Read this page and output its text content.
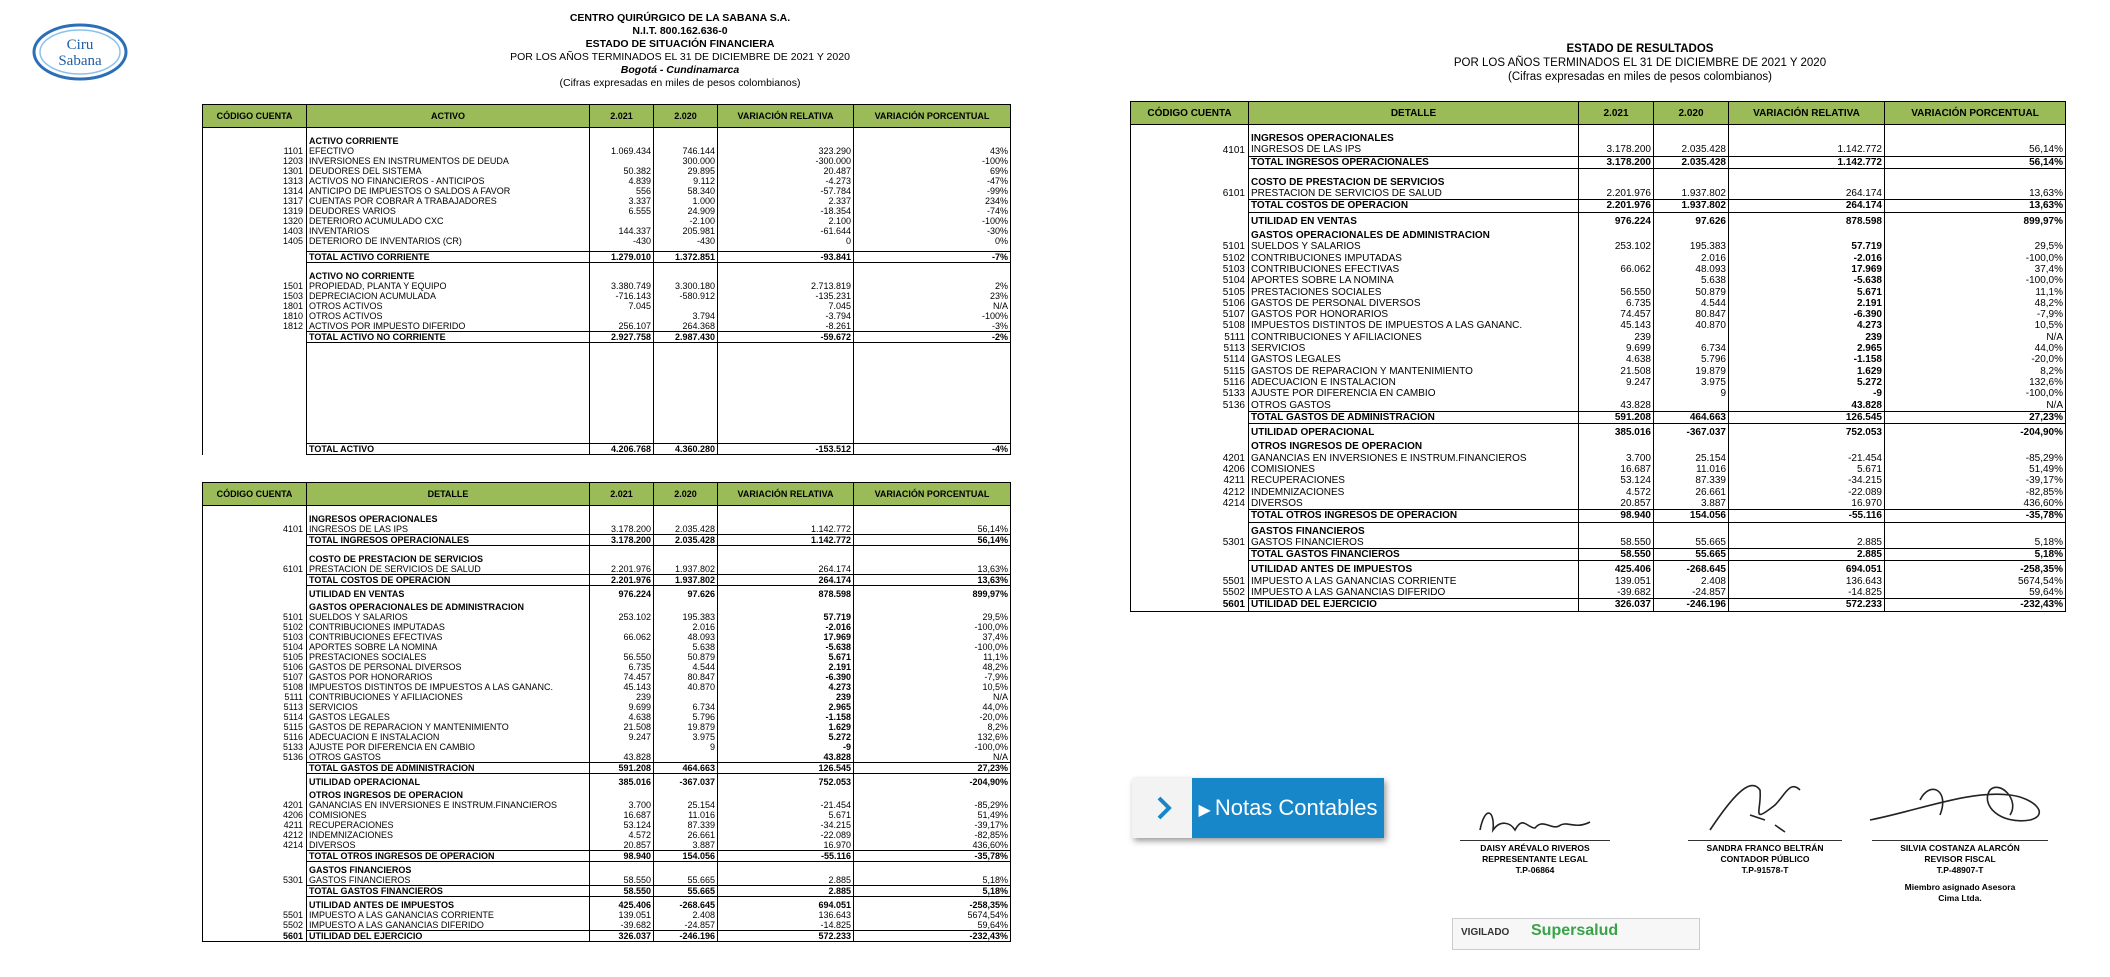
Ciru
Sabana
CENTRO QUIRÚRGICO DE LA SABANA S.A.
N.I.T. 800.162.636-0
ESTADO DE SITUACIÓN FINANCIERA
POR LOS AÑOS TERMINADOS EL 31 DE DICIEMBRE DE 2021 Y 2020
Bogotá - Cundinamarca
(Cifras expresadas en miles de pesos colombianos)
CÓDIGO CUENTA	ACTIVO	2.021	2.020	VARIACIÓN RELATIVA	VARIACIÓN PORCENTUAL

	ACTIVO CORRIENTE				
1101	EFECTIVO	1.069.434	746.144	323.290	43%
1203	INVERSIONES EN INSTRUMENTOS DE DEUDA		300.000	-300.000	-100%
1301	DEUDORES DEL SISTEMA	50.382	29.895	20.487	69%
1313	ACTIVOS NO FINANCIEROS - ANTICIPOS	4.839	9.112	-4.273	-47%
1314	ANTICIPO DE IMPUESTOS O SALDOS A FAVOR	556	58.340	-57.784	-99%
1317	CUENTAS POR COBRAR A TRABAJADORES	3.337	1.000	2.337	234%
1319	DEUDORES VARIOS	6.555	24.909	-18.354	-74%
1320	DETERIORO ACUMULADO CXC		-2.100	2.100	-100%
1403	INVENTARIOS	144.337	205.981	-61.644	-30%
1405	DETERIORO DE INVENTARIOS (CR)	-430	-430	0	0%

	TOTAL ACTIVO CORRIENTE	1.279.010	1.372.851	-93.841	-7%

	ACTIVO NO CORRIENTE				
1501	PROPIEDAD, PLANTA Y EQUIPO	3.380.749	3.300.180	2.713.819	2%
1503	DEPRECIACION ACUMULADA	-716.143	-580.912	-135.231	23%
1801	OTROS ACTIVOS	7.045		7.045	N/A
1810	OTROS ACTIVOS		3.794	-3.794	-100%
1812	ACTIVOS POR IMPUESTO DIFERIDO	256.107	264.368	-8.261	-3%
	TOTAL ACTIVO NO CORRIENTE	2.927.758	2.987.430	-59.672	-2%

	TOTAL ACTIVO	4.206.768	4.360.280	-153.512	-4%
CÓDIGO CUENTA	DETALLE	2.021	2.020	VARIACIÓN RELATIVA	VARIACIÓN PORCENTUAL

	INGRESOS OPERACIONALES				
4101	INGRESOS DE LAS IPS	3.178.200	2.035.428	1.142.772	56,14%
	TOTAL INGRESOS OPERACIONALES	3.178.200	2.035.428	1.142.772	56,14%

	COSTO DE PRESTACION DE SERVICIOS				
6101	PRESTACION DE SERVICIOS DE SALUD	2.201.976	1.937.802	264.174	13,63%
	TOTAL COSTOS DE OPERACION	2.201.976	1.937.802	264.174	13,63%
	UTILIDAD EN VENTAS	976.224	97.626	878.598	899,97%
	GASTOS OPERACIONALES DE ADMINISTRACION				
5101	SUELDOS Y SALARIOS	253.102	195.383	57.719	29,5%
5102	CONTRIBUCIONES IMPUTADAS		2.016	-2.016	-100,0%
5103	CONTRIBUCIONES EFECTIVAS	66.062	48.093	17.969	37,4%
5104	APORTES SOBRE LA NOMINA		5.638	-5.638	-100,0%
5105	PRESTACIONES SOCIALES	56.550	50.879	5.671	11,1%
5106	GASTOS DE PERSONAL DIVERSOS	6.735	4.544	2.191	48,2%
5107	GASTOS POR HONORARIOS	74.457	80.847	-6.390	-7,9%
5108	IMPUESTOS DISTINTOS DE IMPUESTOS A LAS GANANC.	45.143	40.870	4.273	10,5%
5111	CONTRIBUCIONES Y AFILIACIONES	239		239	N/A
5113	SERVICIOS	9.699	6.734	2.965	44,0%
5114	GASTOS LEGALES	4.638	5.796	-1.158	-20,0%
5115	GASTOS DE REPARACION Y MANTENIMIENTO	21.508	19.879	1.629	8,2%
5116	ADECUACION E INSTALACION	9.247	3.975	5.272	132,6%
5133	AJUSTE POR DIFERENCIA EN CAMBIO		9	-9	-100,0%
5136	OTROS GASTOS	43.828		43.828	N/A
	TOTAL GASTOS DE ADMINISTRACION	591.208	464.663	126.545	27,23%
	UTILIDAD OPERACIONAL	385.016	-367.037	752.053	-204,90%
	OTROS INGRESOS DE OPERACION				
4201	GANANCIAS EN INVERSIONES E INSTRUM.FINANCIEROS	3.700	25.154	-21.454	-85,29%
4206	COMISIONES	16.687	11.016	5.671	51,49%
4211	RECUPERACIONES	53.124	87.339	-34.215	-39,17%
4212	INDEMNIZACIONES	4.572	26.661	-22.089	-82,85%
4214	DIVERSOS	20.857	3.887	16.970	436,60%
	TOTAL OTROS INGRESOS DE OPERACION	98.940	154.056	-55.116	-35,78%
	GASTOS FINANCIEROS				
5301	GASTOS FINANCIEROS	58.550	55.665	2.885	5,18%
	TOTAL GASTOS FINANCIEROS	58.550	55.665	2.885	5,18%
	UTILIDAD ANTES DE IMPUESTOS	425.406	-268.645	694.051	-258,35%
5501	IMPUESTO A LAS GANANCIAS CORRIENTE	139.051	2.408	136.643	5674,54%
5502	IMPUESTO A LAS GANANCIAS DIFERIDO	-39.682	-24.857	-14.825	59,64%
5601	UTILIDAD DEL EJERCICIO	326.037	-246.196	572.233	-232,43%
ESTADO DE RESULTADOS
POR LOS AÑOS TERMINADOS EL 31 DE DICIEMBRE DE 2021 Y 2020
(Cifras expresadas en miles de pesos colombianos)
CÓDIGO CUENTA	DETALLE	2.021	2.020	VARIACIÓN RELATIVA	VARIACIÓN PORCENTUAL

	INGRESOS OPERACIONALES				
4101	INGRESOS DE LAS IPS	3.178.200	2.035.428	1.142.772	56,14%
	TOTAL INGRESOS OPERACIONALES	3.178.200	2.035.428	1.142.772	56,14%

	COSTO DE PRESTACION DE SERVICIOS				
6101	PRESTACION DE SERVICIOS DE SALUD	2.201.976	1.937.802	264.174	13,63%
	TOTAL COSTOS DE OPERACION	2.201.976	1.937.802	264.174	13,63%
	UTILIDAD EN VENTAS	976.224	97.626	878.598	899,97%
	GASTOS OPERACIONALES DE ADMINISTRACION				
5101	SUELDOS Y SALARIOS	253.102	195.383	57.719	29,5%
5102	CONTRIBUCIONES IMPUTADAS		2.016	-2.016	-100,0%
5103	CONTRIBUCIONES EFECTIVAS	66.062	48.093	17.969	37,4%
5104	APORTES SOBRE LA NOMINA		5.638	-5.638	-100,0%
5105	PRESTACIONES SOCIALES	56.550	50.879	5.671	11,1%
5106	GASTOS DE PERSONAL DIVERSOS	6.735	4.544	2.191	48,2%
5107	GASTOS POR HONORARIOS	74.457	80.847	-6.390	-7,9%
5108	IMPUESTOS DISTINTOS DE IMPUESTOS A LAS GANANC.	45.143	40.870	4.273	10,5%
5111	CONTRIBUCIONES Y AFILIACIONES	239		239	N/A
5113	SERVICIOS	9.699	6.734	2.965	44,0%
5114	GASTOS LEGALES	4.638	5.796	-1.158	-20,0%
5115	GASTOS DE REPARACION Y MANTENIMIENTO	21.508	19.879	1.629	8,2%
5116	ADECUACION E INSTALACION	9.247	3.975	5.272	132,6%
5133	AJUSTE POR DIFERENCIA EN CAMBIO		9	-9	-100,0%
5136	OTROS GASTOS	43.828		43.828	N/A
	TOTAL GASTOS DE ADMINISTRACION	591.208	464.663	126.545	27,23%
	UTILIDAD OPERACIONAL	385.016	-367.037	752.053	-204,90%
	OTROS INGRESOS DE OPERACION				
4201	GANANCIAS EN INVERSIONES E INSTRUM.FINANCIEROS	3.700	25.154	-21.454	-85,29%
4206	COMISIONES	16.687	11.016	5.671	51,49%
4211	RECUPERACIONES	53.124	87.339	-34.215	-39,17%
4212	INDEMNIZACIONES	4.572	26.661	-22.089	-82,85%
4214	DIVERSOS	20.857	3.887	16.970	436,60%
	TOTAL OTROS INGRESOS DE OPERACION	98.940	154.056	-55.116	-35,78%
	GASTOS FINANCIEROS				
5301	GASTOS FINANCIEROS	58.550	55.665	2.885	5,18%
	TOTAL GASTOS FINANCIEROS	58.550	55.665	2.885	5,18%
	UTILIDAD ANTES DE IMPUESTOS	425.406	-268.645	694.051	-258,35%
5501	IMPUESTO A LAS GANANCIAS CORRIENTE	139.051	2.408	136.643	5674,54%
5502	IMPUESTO A LAS GANANCIAS DIFERIDO	-39.682	-24.857	-14.825	59,64%
5601	UTILIDAD DEL EJERCICIO	326.037	-246.196	572.233	-232,43%
▶ Notas Contables
DAISY ARÉVALO RIVEROS
REPRESENTANTE LEGAL
T.P-06864
SANDRA FRANCO BELTRÁN
CONTADOR PÚBLICO
T.P-91578-T
SILVIA COSTANZA ALARCÓN
REVISOR FISCAL
T.P-48907-T
Miembro asignado Asesora Cima Ltda.
VIGILADO Supersalud
